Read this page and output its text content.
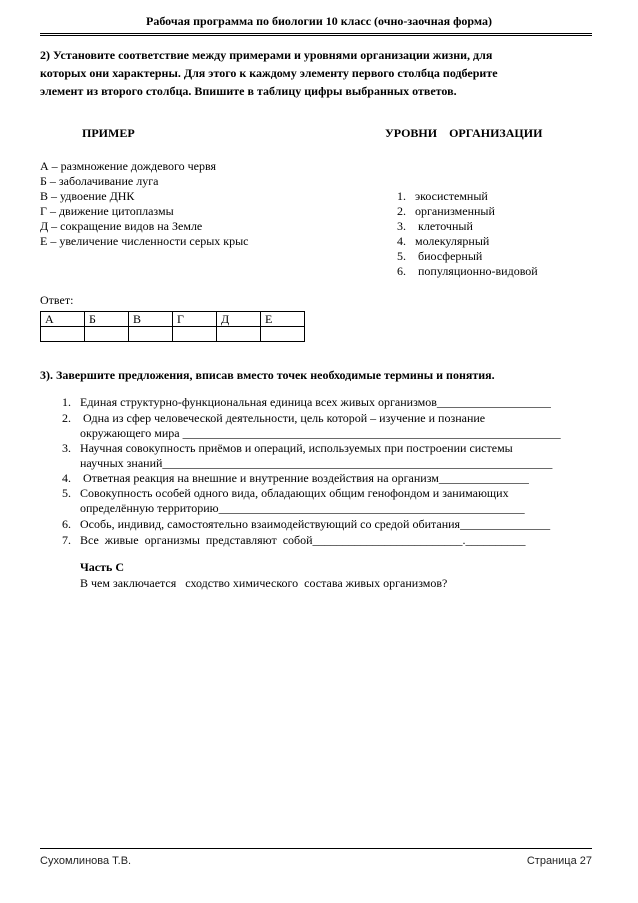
Рабочая программа по биологии 10 класс (очно-заочная форма)
2) Установите соответствие между примерами и уровнями организации жизни, для
которых они характерны. Для этого к каждому элементу первого столбца подберите
элемент из второго столбца. Впишите в таблицу цифры выбранных ответов.
ПРИМЕР	УРОВНИ    ОРГАНИЗАЦИИ
А – размножение дождевого червя
Б – заболачивание луга
В – удвоение ДНК
Г – движение цитоплазмы
Д – сокращение видов на Земле
Е – увеличение численности серых крыс
1. экосистемный
2. организменный
3. клеточный
4. молекулярный
5. биосферный
6. популяционно-видовой
Ответ:
А	Б	В	Г	Д	Е

3). Завершите предложения, вписав вместо точек необходимые термины и понятия.
1. Единая структурно-функциональная единица всех живых организмов___________________
2. Одна из сфер человеческой деятельности, цель которой – изучение и познание
окружающего мира _______________________________________________________________
3. Научная совокупность приёмов и операций, используемых при построении системы
научных знаний_________________________________________________________________
4. Ответная реакция на внешние и внутренние воздействия на организм_______________
5. Совокупность особей одного вида, обладающих общим генофондом и занимающих
определённую территорию___________________________________________________
6. Особь, индивид, самостоятельно взаимодействующий со средой обитания_______________
7. Все  живые  организмы  представляют  собой_________________________.__________
Часть С
В чем заключается   сходство химического  состава живых организмов?
Сухомлинова Т.В.	Страница 27
